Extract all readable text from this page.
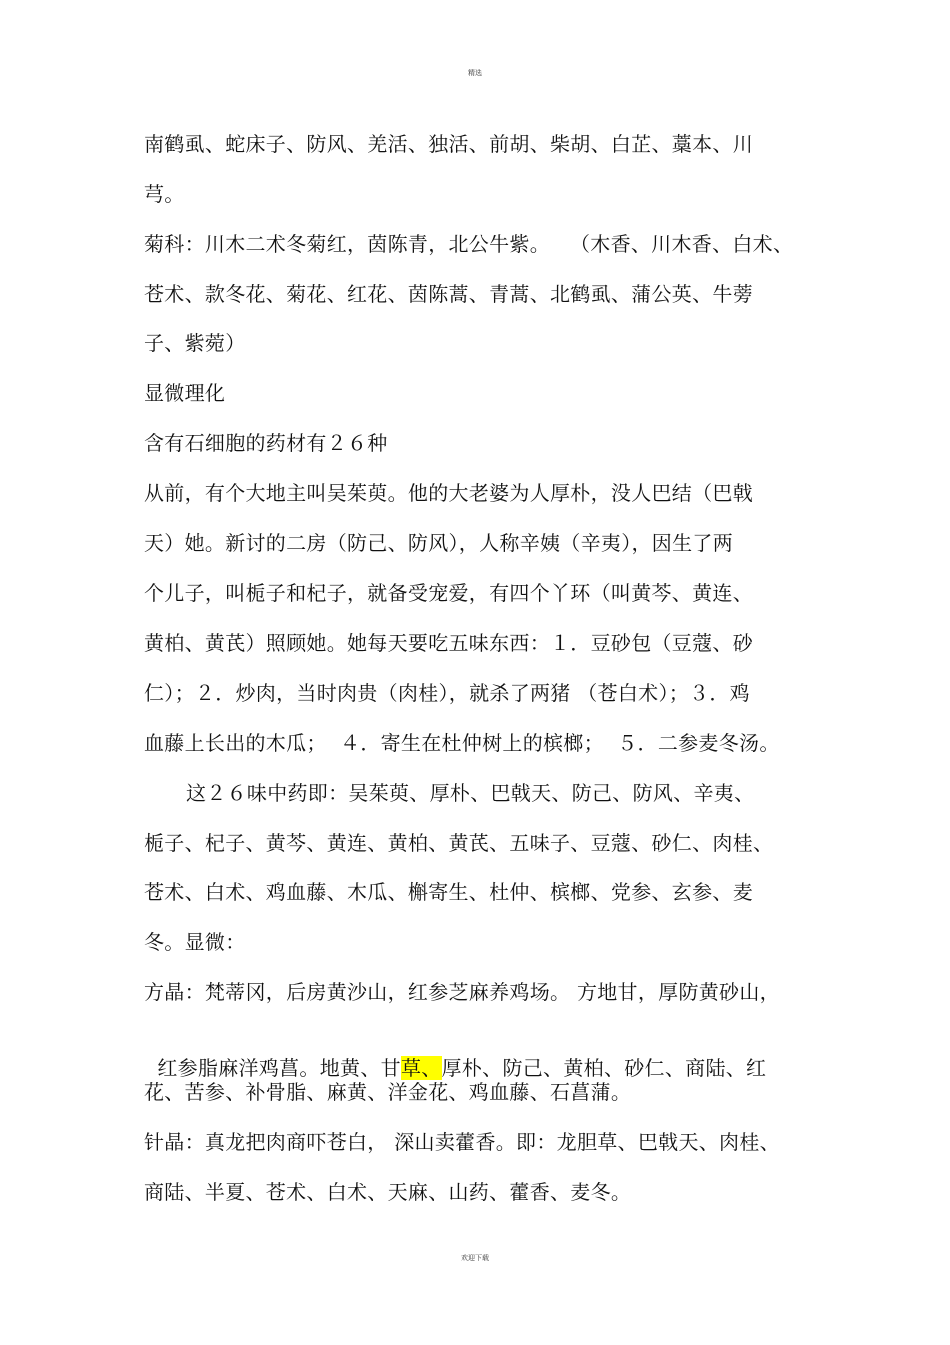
精选
南鹤虱、蛇床子、防风、羌活、独活、前胡、柴胡、白芷、藁本、川
芎。
菊科：川木二术冬菊红，茵陈青，北公牛紫。   （木香、川木香、白术、
苍术、款冬花、菊花、红花、茵陈蒿、青蒿、北鹤虱、蒲公英、牛蒡
子、紫菀）
显微理化
含有石细胞的药材有２６种
从前，有个大地主叫吴茱萸。他的大老婆为人厚朴，没人巴结（巴戟
天）她。新讨的二房（防己、防风），人称辛姨（辛夷），因生了两
个儿子，叫栀子和杞子，就备受宠爱，有四个丫环（叫黄芩、黄连、
黄柏、黄芪）照顾她。她每天要吃五味东西：１．豆砂包（豆蔻、砂
仁）；２．炒肉，当时肉贵（肉桂），就杀了两猪 （苍白术）；３．鸡
血藤上长出的木瓜；  ４．寄生在杜仲树上的槟榔；  ５．二参麦冬汤。
这２６味中药即：吴茱萸、厚朴、巴戟天、防己、防风、辛夷、
栀子、杞子、黄芩、黄连、黄柏、黄芪、五味子、豆蔻、砂仁、肉桂、
苍术、白术、鸡血藤、木瓜、槲寄生、杜仲、槟榔、党参、玄参、麦
冬。显微：
方晶：梵蒂冈，后房黄沙山，红参芝麻养鸡场。 方地甘，厚防黄砂山，

红参脂麻洋鸡菖。地黄、甘草、厚朴、防己、黄柏、砂仁、商陆、红

花、苦参、补骨脂、麻黄、洋金花、鸡血藤、石菖蒲。
针晶：真龙把肉商吓苍白， 深山卖藿香。即：龙胆草、巴戟天、肉桂、
商陆、半夏、苍术、白术、天麻、山药、藿香、麦冬。
欢迎下载
